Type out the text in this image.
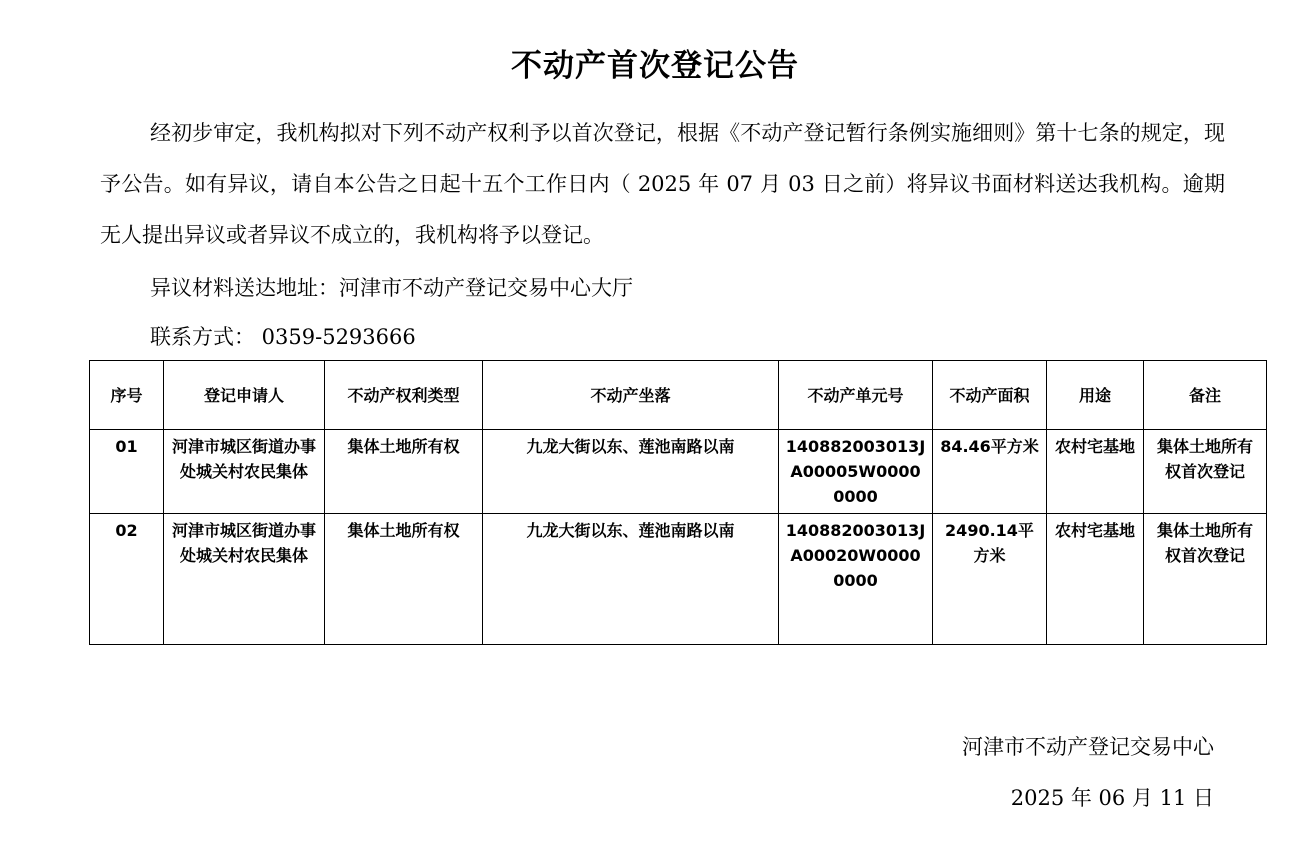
不动产首次登记公告

经初步审定，我机构拟对下列不动产权利予以首次登记，根据《不动产登记暂行条例实施细则》第十七条的规定，现予公告。如有异议，请自本公告之日起十五个工作日内（ 2025 年 07 月 03 日之前）将异议书面材料送达我机构。逾期无人提出异议或者异议不成立的，我机构将予以登记。

异议材料送达地址：河津市不动产登记交易中心大厅
联系方式： 0359-5293666
序号	登记申请人	不动产权利类型	不动产坐落	不动产单元号	不动产面积	用途	备注
01	河津市城区街道办事处城关村农民集体	集体土地所有权	九龙大街以东、莲池南路以南	140882003013JA00005W00000000	84.46平方米	农村宅基地	集体土地所有权首次登记
02	河津市城区街道办事处城关村农民集体	集体土地所有权	九龙大街以东、莲池南路以南	140882003013JA00020W00000000	2490.14平方米	农村宅基地	集体土地所有权首次登记
河津市不动产登记交易中心
2025 年 06 月 11 日
